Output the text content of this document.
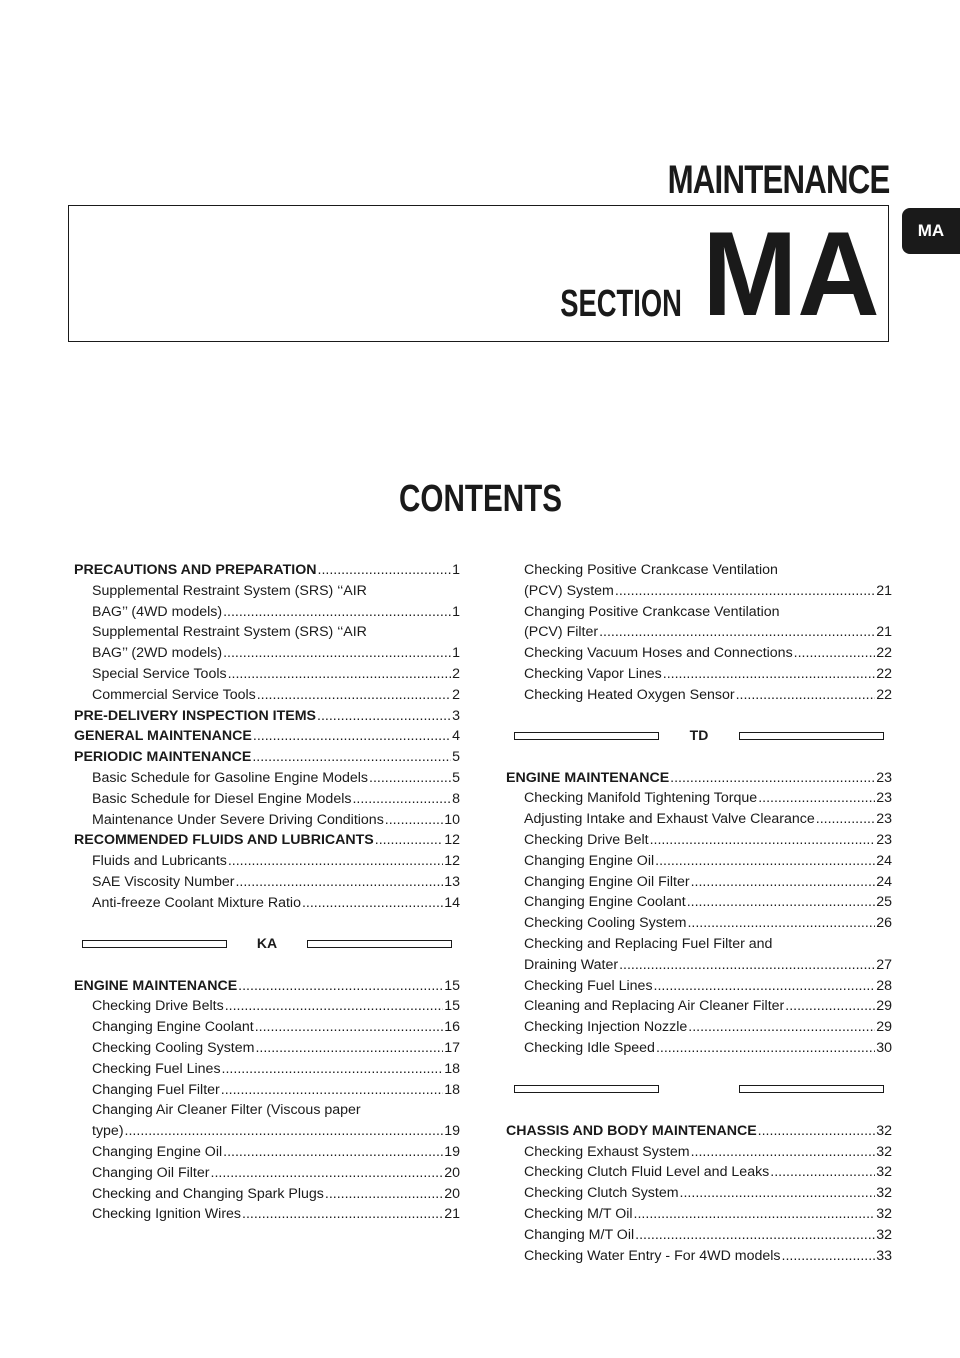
MAINTENANCE
SECTION MA	MA
CONTENTS
PRECAUTIONS AND PREPARATION .....	1
Supplemental Restraint System (SRS) ‘‘AIR
BAG’’ (4WD models) .....	1
Supplemental Restraint System (SRS) ‘‘AIR
BAG’’ (2WD models) .....	1
Special Service Tools .....	2
Commercial Service Tools .....	2
PRE-DELIVERY INSPECTION ITEMS .....	3
GENERAL MAINTENANCE .....	4
PERIODIC MAINTENANCE .....	5
Basic Schedule for Gasoline Engine Models .....	5
Basic Schedule for Diesel Engine Models .....	8
Maintenance Under Severe Driving Conditions .....	10
RECOMMENDED FLUIDS AND LUBRICANTS .....	12
Fluids and Lubricants .....	12
SAE Viscosity Number .....	13
Anti-freeze Coolant Mixture Ratio .....	14
KA
ENGINE MAINTENANCE .....	15
Checking Drive Belts .....	15
Changing Engine Coolant .....	16
Checking Cooling System .....	17
Checking Fuel Lines .....	18
Changing Fuel Filter .....	18
Changing Air Cleaner Filter (Viscous paper
type) .....	19
Changing Engine Oil .....	19
Changing Oil Filter .....	20
Checking and Changing Spark Plugs .....	20
Checking Ignition Wires .....	21
Checking Positive Crankcase Ventilation
(PCV) System .....	21
Changing Positive Crankcase Ventilation
(PCV) Filter .....	21
Checking Vacuum Hoses and Connections .....	22
Checking Vapor Lines .....	22
Checking Heated Oxygen Sensor .....	22
TD
ENGINE MAINTENANCE .....	23
Checking Manifold Tightening Torque .....	23
Adjusting Intake and Exhaust Valve Clearance .....	23
Checking Drive Belt .....	23
Changing Engine Oil .....	24
Changing Engine Oil Filter .....	24
Changing Engine Coolant .....	25
Checking Cooling System .....	26
Checking and Replacing Fuel Filter and
Draining Water .....	27
Checking Fuel Lines .....	28
Cleaning and Replacing Air Cleaner Filter .....	29
Checking Injection Nozzle .....	29
Checking Idle Speed .....	30
CHASSIS AND BODY MAINTENANCE .....	32
Checking Exhaust System .....	32
Checking Clutch Fluid Level and Leaks .....	32
Checking Clutch System .....	32
Checking M/T Oil .....	32
Changing M/T Oil .....	32
Checking Water Entry - For 4WD models .....	33
